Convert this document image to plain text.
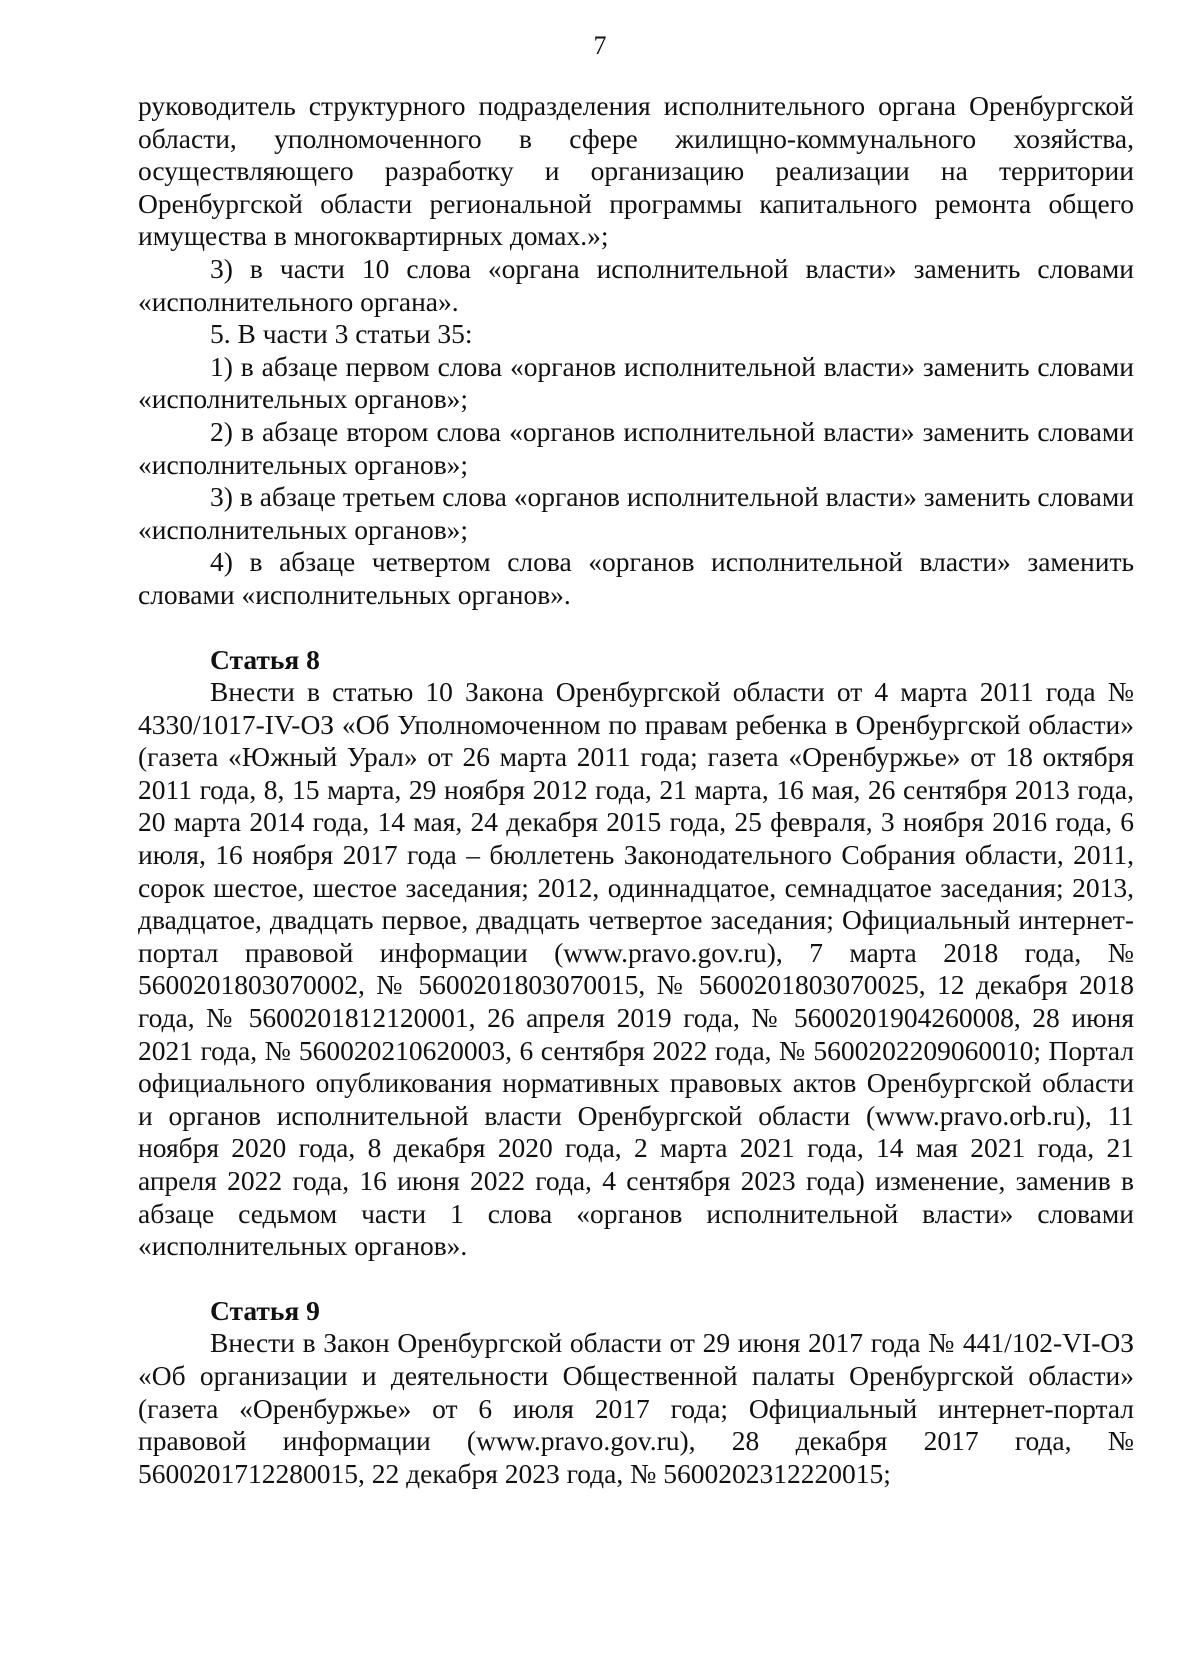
7

руководитель структурного подразделения исполнительного органа Оренбургской области, уполномоченного в сфере жилищно-коммунального хозяйства, осуществляющего разработку и организацию реализации на территории Оренбургской области региональной программы капитального ремонта общего имущества в многоквартирных домах.»;

3) в части 10 слова «органа исполнительной власти» заменить словами «исполнительного органа».

5. В части 3 статьи 35:

1) в абзаце первом слова «органов исполнительной власти» заменить словами «исполнительных органов»;

2) в абзаце втором слова «органов исполнительной власти» заменить словами «исполнительных органов»;

3) в абзаце третьем слова «органов исполнительной власти» заменить словами «исполнительных органов»;

4) в абзаце четвертом слова «органов исполнительной власти» заменить словами «исполнительных органов».

Статья 8

Внести в статью 10 Закона Оренбургской области от 4 марта 2011 года № 4330/1017-IV-ОЗ «Об Уполномоченном по правам ребенка в Оренбургской области» (газета «Южный Урал» от 26 марта 2011 года; газета «Оренбуржье» от 18 октября 2011 года, 8, 15 марта, 29 ноября 2012 года, 21 марта, 16 мая, 26 сентября 2013 года, 20 марта 2014 года, 14 мая, 24 декабря 2015 года, 25 февраля, 3 ноября 2016 года, 6 июля, 16 ноября 2017 года – бюллетень Законодательного Собрания области, 2011, сорок шестое, шестое заседания; 2012, одиннадцатое, семнадцатое заседания; 2013, двадцатое, двадцать первое, двадцать четвертое заседания; Официальный интернет-портал правовой информации (www.pravo.gov.ru), 7 марта 2018 года, № 5600201803070002, № 5600201803070015, № 5600201803070025, 12 декабря 2018 года, № 5600201812120001, 26 апреля 2019 года, № 5600201904260008, 28 июня 2021 года, № 560020210620003, 6 сентября 2022 года, № 5600202209060010; Портал официального опубликования нормативных правовых актов Оренбургской области и органов исполнительной власти Оренбургской области (www.pravo.orb.ru), 11 ноября 2020 года, 8 декабря 2020 года, 2 марта 2021 года, 14 мая 2021 года, 21 апреля 2022 года, 16 июня 2022 года, 4 сентября 2023 года) изменение, заменив в абзаце седьмом части 1 слова «органов исполнительной власти» словами «исполнительных органов».

Статья 9

Внести в Закон Оренбургской области от 29 июня 2017 года № 441/102-VI-ОЗ «Об организации и деятельности Общественной палаты Оренбургской области» (газета «Оренбуржье» от 6 июля 2017 года; Официальный интернет-портал правовой информации (www.pravo.gov.ru), 28 декабря 2017 года, № 5600201712280015, 22 декабря 2023 года, № 5600202312220015;
